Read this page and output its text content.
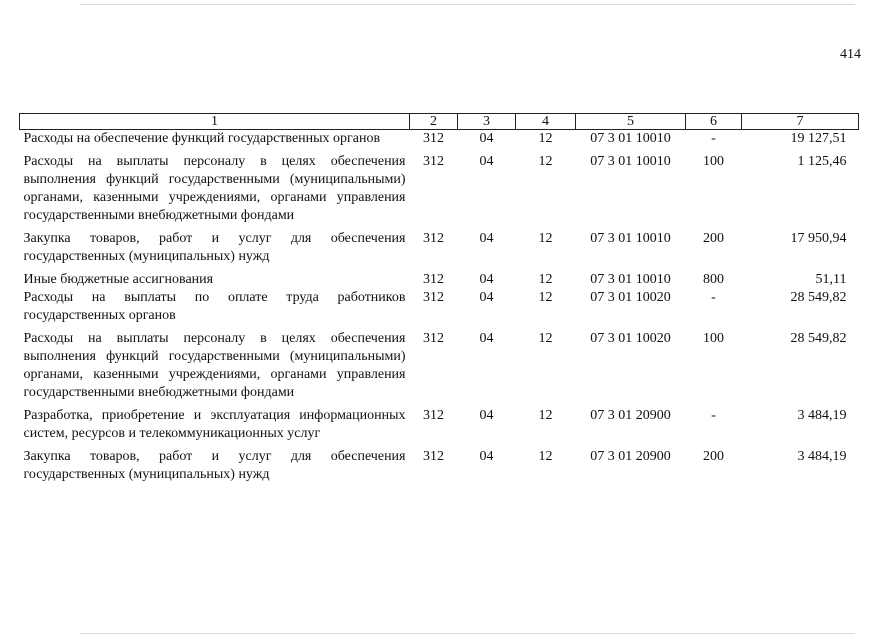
414
1	2	3	4	5	6	7
Расходы на обеспечение функций государственных органов	312	04	12	07 3 01 10010	-	19 127,51
Расходы на выплаты персоналу в целях обеспечения выполнения функций государственными (муниципальными) органами, казенными учреждениями, органами управления государственными внебюджетными фондами	312	04	12	07 3 01 10010	100	1 125,46
Закупка товаров, работ и услуг для обеспечения государственных (муниципальных) нужд	312	04	12	07 3 01 10010	200	17 950,94
Иные бюджетные ассигнования	312	04	12	07 3 01 10010	800	51,11
Расходы на выплаты по оплате труда работников государственных органов	312	04	12	07 3 01 10020	-	28 549,82
Расходы на выплаты персоналу в целях обеспечения выполнения функций государственными (муниципальными) органами, казенными учреждениями, органами управления государственными внебюджетными фондами	312	04	12	07 3 01 10020	100	28 549,82
Разработка, приобретение и эксплуатация информационных систем, ресурсов и телекоммуникационных услуг	312	04	12	07 3 01 20900	-	3 484,19
Закупка товаров, работ и услуг для обеспечения государственных (муниципальных) нужд	312	04	12	07 3 01 20900	200	3 484,19
